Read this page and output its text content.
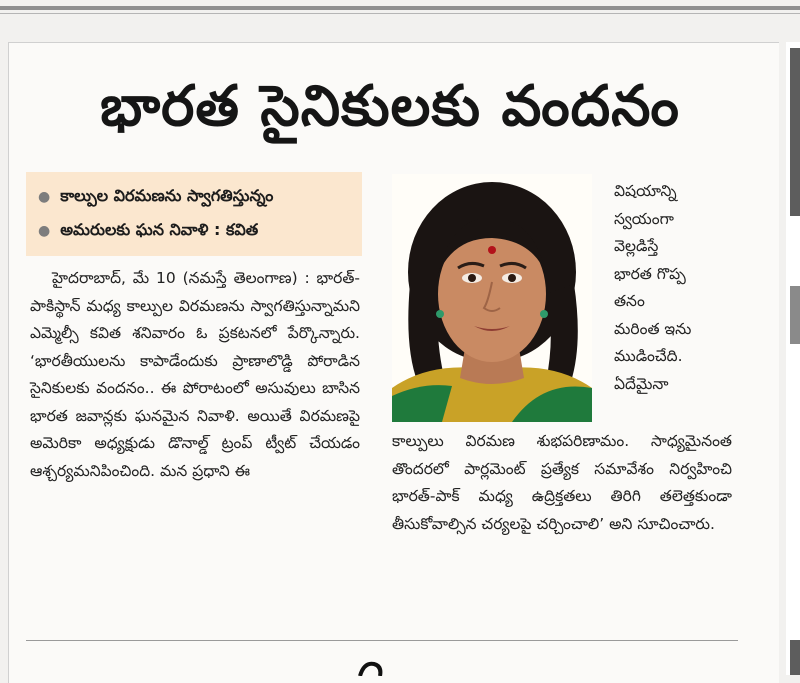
భారత సైనికులకు వందనం
● కాల్పుల విరమణను స్వాగతిస్తున్నం
● అమరులకు ఘన నివాళి : కవిత

హైదరాబాద్, మే 10 (నమస్తే తెలంగాణ) : భారత్-పాకిస్థాన్ మధ్య కాల్పుల విరమణను స్వాగతిస్తున్నామని ఎమ్మెల్సీ కవిత శనివారం ఓ ప్రకటనలో పేర్కొన్నారు. ‘భారతీయులను కాపాడేందుకు ప్రాణాలొడ్డి పోరాడిన సైనికులకు వందనం.. ఈ పోరాటంలో అసువులు బాసిన భారత జవాన్లకు ఘనమైన నివాళి. అయితే విరమణపై అమెరికా అధ్యక్షుడు డొనాల్డ్ ట్రంప్ ట్వీట్ చేయడం ఆశ్చర్యమనిపించింది. మన ప్రధాని ఈ

విషయాన్ని
స్వయంగా
వెల్లడిస్తే
భారత గొప్ప
తనం
మరింత ఇను
ముడించేది.
ఏదేమైనా

కాల్పులు విరమణ శుభపరిణామం. సాధ్యమైనంత తొందరలో పార్లమెంట్ ప్రత్యేక సమావేశం నిర్వహించి భారత్-పాక్ మధ్య ఉద్రిక్తతలు తిరిగి తలెత్తకుండా తీసుకోవాల్సిన చర్యలపై చర్చించాలి’ అని సూచించారు.
